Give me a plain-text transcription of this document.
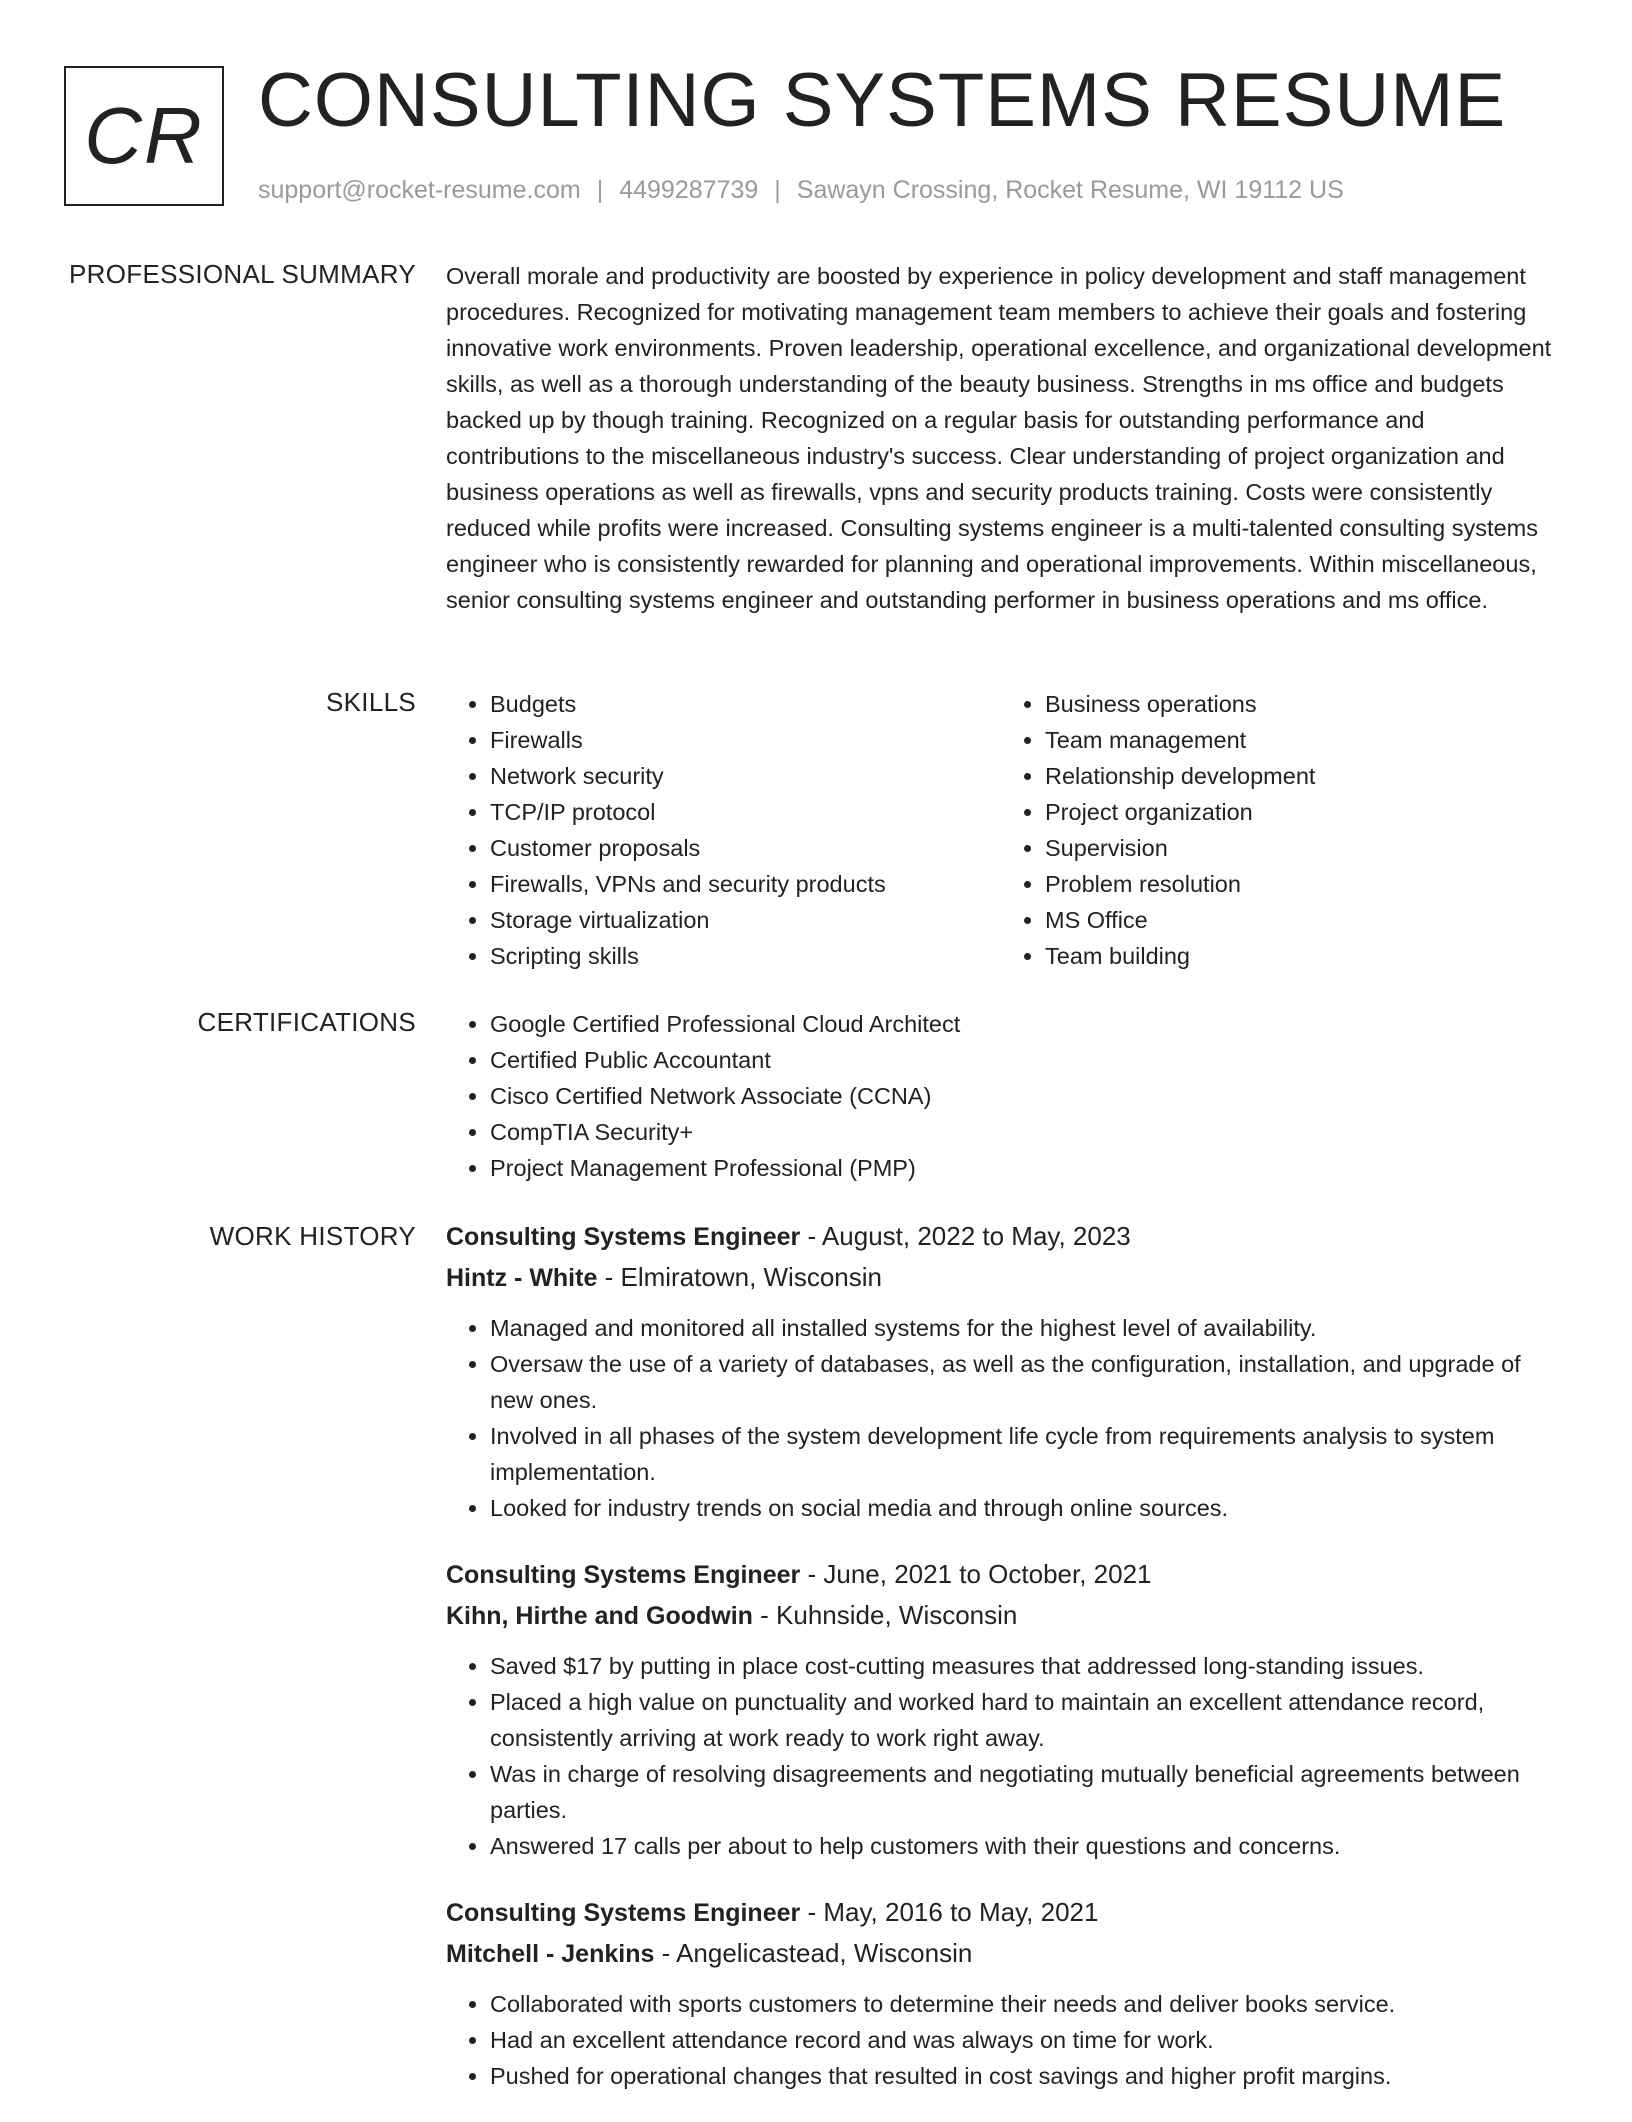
CR CONSULTING SYSTEMS RESUME
support@rocket-resume.com | 4499287739 | Sawayn Crossing, Rocket Resume, WI 19112 US
PROFESSIONAL SUMMARY Overall morale and productivity are boosted by experience in policy development and staff management procedures. Recognized for motivating management team members to achieve their goals and fostering innovative work environments. Proven leadership, operational excellence, and organizational development skills, as well as a thorough understanding of the beauty business. Strengths in ms office and budgets backed up by though training. Recognized on a regular basis for outstanding performance and contributions to the miscellaneous industry's success. Clear understanding of project organization and business operations as well as firewalls, vpns and security products training. Costs were consistently reduced while profits were increased. Consulting systems engineer is a multi-talented consulting systems engineer who is consistently rewarded for planning and operational improvements. Within miscellaneous, senior consulting systems engineer and outstanding performer in business operations and ms office.
SKILLS	• Budgets
• Firewalls
• Network security
• TCP/IP protocol
• Customer proposals
• Firewalls, VPNs and security products
• Storage virtualization
• Scripting skills
• Business operations
• Team management
• Relationship development
• Project organization
• Supervision
• Problem resolution
• MS Office
• Team building
CERTIFICATIONS	• Google Certified Professional Cloud Architect
• Certified Public Accountant
• Cisco Certified Network Associate (CCNA)
• CompTIA Security+
• Project Management Professional (PMP)
WORK HISTORY Consulting Systems Engineer - August, 2022 to May, 2023
Hintz - White - Elmiratown, Wisconsin
• Managed and monitored all installed systems for the highest level of availability.
• Oversaw the use of a variety of databases, as well as the configuration, installation, and upgrade of new ones.
• Involved in all phases of the system development life cycle from requirements analysis to system implementation.
• Looked for industry trends on social media and through online sources.
Consulting Systems Engineer - June, 2021 to October, 2021
Kihn, Hirthe and Goodwin - Kuhnside, Wisconsin
• Saved $17 by putting in place cost-cutting measures that addressed long-standing issues.
• Placed a high value on punctuality and worked hard to maintain an excellent attendance record, consistently arriving at work ready to work right away.
• Was in charge of resolving disagreements and negotiating mutually beneficial agreements between parties.
• Answered 17 calls per about to help customers with their questions and concerns.
Consulting Systems Engineer - May, 2016 to May, 2021
Mitchell - Jenkins - Angelicastead, Wisconsin
• Collaborated with sports customers to determine their needs and deliver books service.
• Had an excellent attendance record and was always on time for work.
• Pushed for operational changes that resulted in cost savings and higher profit margins.
